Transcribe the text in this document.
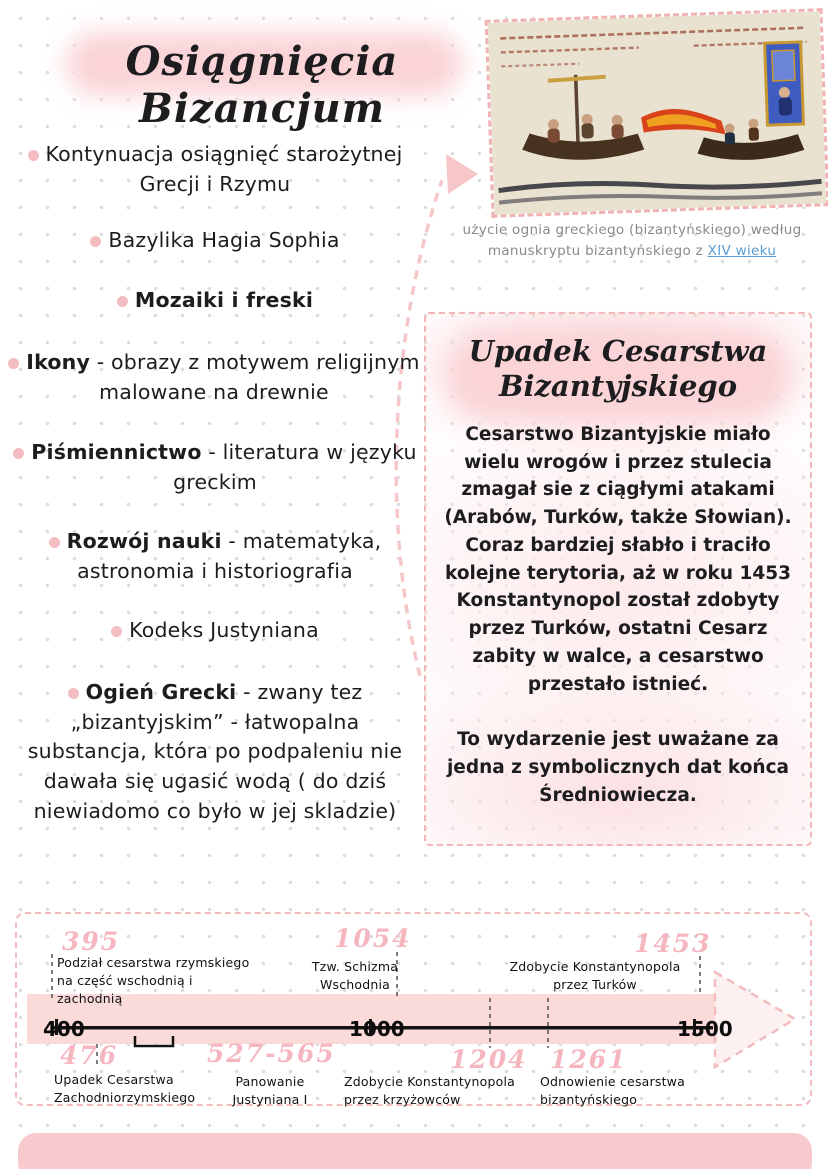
Osiągnięcia Bizancjum

użycie ognia greckiego (bizantyńskiego) według manuskryptu bizantyńskiego z XIV wieku

Kontynuacja osiągnięć starożytnej Grecji i Rzymu
Bazylika Hagia Sophia
Mozaiki i freski
Ikony - obrazy z motywem religijnym malowane na drewnie
Piśmiennictwo - literatura w języku greckim
Rozwój nauki - matematyka, astronomia i historiografia
Kodeks Justyniana
Ogień Grecki - zwany tez „bizantyjskim” - łatwopalna substancja, która po podpaleniu nie dawała się ugasić wodą ( do dziś niewiadomo co było w jej skladzie)
Upadek Cesarstwa
Bizantyjskiego

Cesarstwo Bizantyjskie miało wielu wrogów i przez stulecia zmagał sie z ciągłymi atakami (Arabów, Turków, także Słowian). Coraz bardziej słabło i traciło kolejne terytoria, aż w roku 1453 Konstantynopol został zdobyty przez Turków, ostatni Cesarz zabity w walce, a cesarstwo przestało istnieć.

To wydarzenie jest uważane za jedna z symbolicznych dat końca Średniowiecza.

395
Podział cesarstwa rzymskiego na część wschodnią i zachodnią
1054
Tzw. Schizma Wschodnia
1453
Zdobycie Konstantynopola przez Turków
400	1000	1500
476
Upadek Cesarstwa Zachodniorzymskiego
527-565
Panowanie Justyniana I
1204
Zdobycie Konstantynopola przez krzyżowców
1261
Odnowienie cesarstwa bizantyńskiego
